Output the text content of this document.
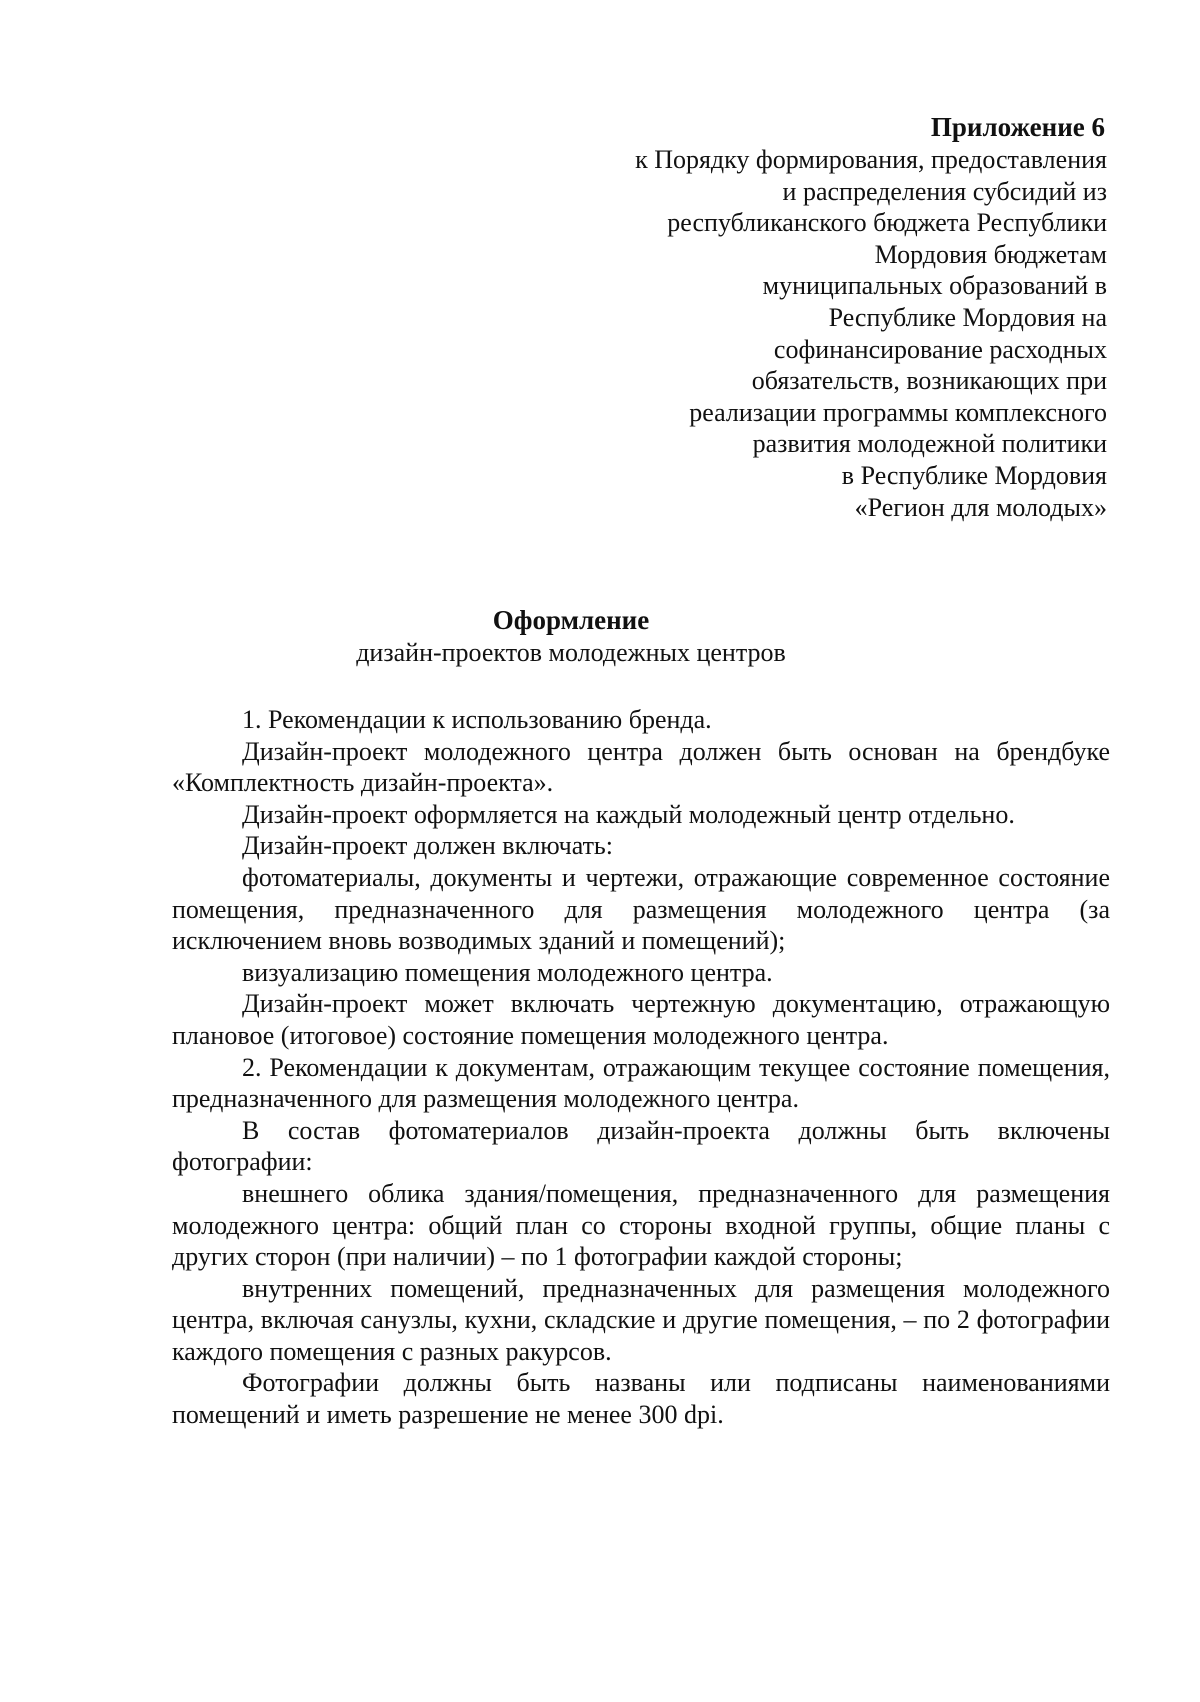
Приложение 6
к Порядку формирования, предоставления
и распределения субсидий из
республиканского бюджета Республики
Мордовия бюджетам
муниципальных образований в
Республике Мордовия на
софинансирование расходных
обязательств, возникающих при
реализации программы комплексного
развития молодежной политики
в Республике Мордовия
«Регион для молодых»
Оформление
дизайн-проектов молодежных центров

1. Рекомендации к использованию бренда.

Дизайн-проект молодежного центра должен быть основан на брендбуке «Комплектность дизайн-проекта».

Дизайн-проект оформляется на каждый молодежный центр отдельно.

Дизайн-проект должен включать:

фотоматериалы, документы и чертежи, отражающие современное состояние помещения, предназначенного для размещения молодежного центра (за исключением вновь возводимых зданий и помещений);

визуализацию помещения молодежного центра.

Дизайн-проект может включать чертежную документацию, отражающую плановое (итоговое) состояние помещения молодежного центра.

2. Рекомендации к документам, отражающим текущее состояние помещения, предназначенного для размещения молодежного центра.

В состав фотоматериалов дизайн-проекта должны быть включены фотографии:

внешнего облика здания/помещения, предназначенного для размещения молодежного центра: общий план со стороны входной группы, общие планы с других сторон (при наличии) – по 1 фотографии каждой стороны;

внутренних помещений, предназначенных для размещения молодежного центра, включая санузлы, кухни, складские и другие помещения, – по 2 фотографии каждого помещения с разных ракурсов.

Фотографии должны быть названы или подписаны наименованиями помещений и иметь разрешение не менее 300 dpi.
